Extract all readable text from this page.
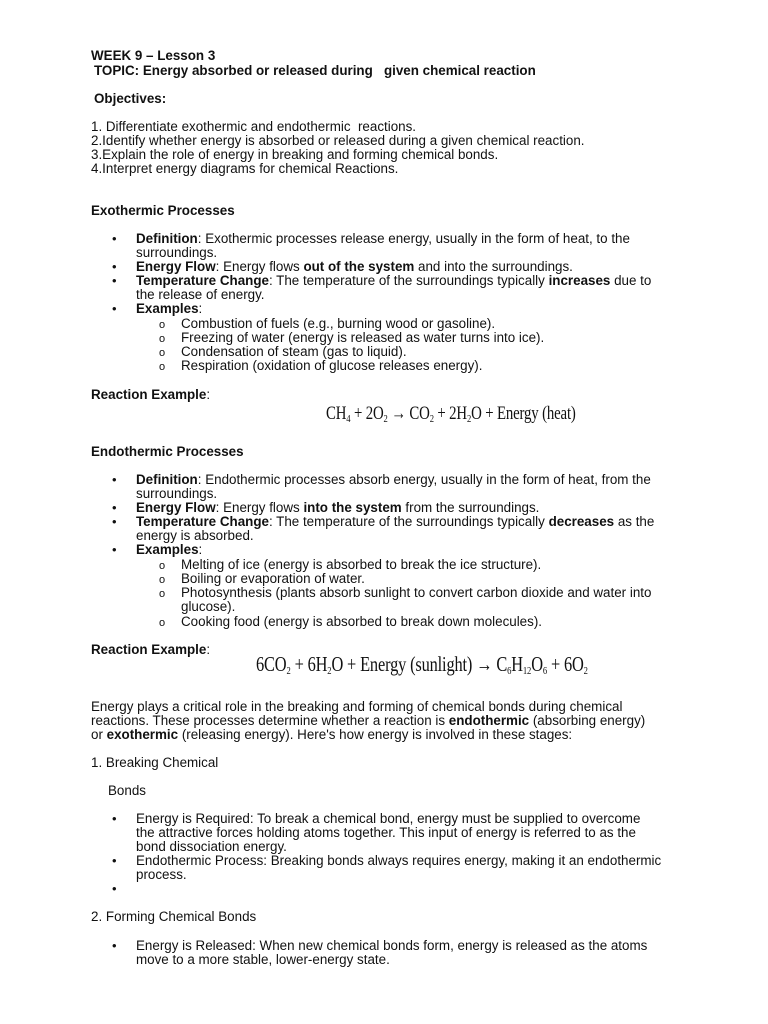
WEEK 9 – Lesson 3
TOPIC: Energy absorbed or released during   given chemical reaction
Objectives:
1. Differentiate exothermic and endothermic  reactions.
2.Identify whether energy is absorbed or released during a given chemical reaction.
3.Explain the role of energy in breaking and forming chemical bonds.
4.Interpret energy diagrams for chemical Reactions.
Exothermic Processes
• Definition: Exothermic processes release energy, usually in the form of heat, to the
surroundings.
• Energy Flow: Energy flows out of the system and into the surroundings.
• Temperature Change: The temperature of the surroundings typically increases due to
the release of energy.
• Examples:
o Combustion of fuels (e.g., burning wood or gasoline).
o Freezing of water (energy is released as water turns into ice).
o Condensation of steam (gas to liquid).
o Respiration (oxidation of glucose releases energy).
Reaction Example:
$CH_4 + 2O_2 \to CO_2 + 2H_2O$ + Energy (heat)
Endothermic Processes
• Definition: Endothermic processes absorb energy, usually in the form of heat, from the
surroundings.
• Energy Flow: Energy flows into the system from the surroundings.
• Temperature Change: The temperature of the surroundings typically decreases as the
energy is absorbed.
• Examples:
o Melting of ice (energy is absorbed to break the ice structure).
o Boiling or evaporation of water.
o Photosynthesis (plants absorb sunlight to convert carbon dioxide and water into
glucose).
o Cooking food (energy is absorbed to break down molecules).
Reaction Example:
$6CO_2 + 6H_2O$ + Energy (sunlight) → $C_6H_{12}O_6 + 6O_2$
Energy plays a critical role in the breaking and forming of chemical bonds during chemical
reactions. These processes determine whether a reaction is endothermic (absorbing energy)
or exothermic (releasing energy). Here's how energy is involved in these stages:
1. Breaking Chemical
Bonds
• Energy is Required: To break a chemical bond, energy must be supplied to overcome
the attractive forces holding atoms together. This input of energy is referred to as the
bond dissociation energy.
• Endothermic Process: Breaking bonds always requires energy, making it an endothermic
process.
2. Forming Chemical Bonds
• Energy is Released: When new chemical bonds form, energy is released as the atoms
move to a more stable, lower-energy state.
